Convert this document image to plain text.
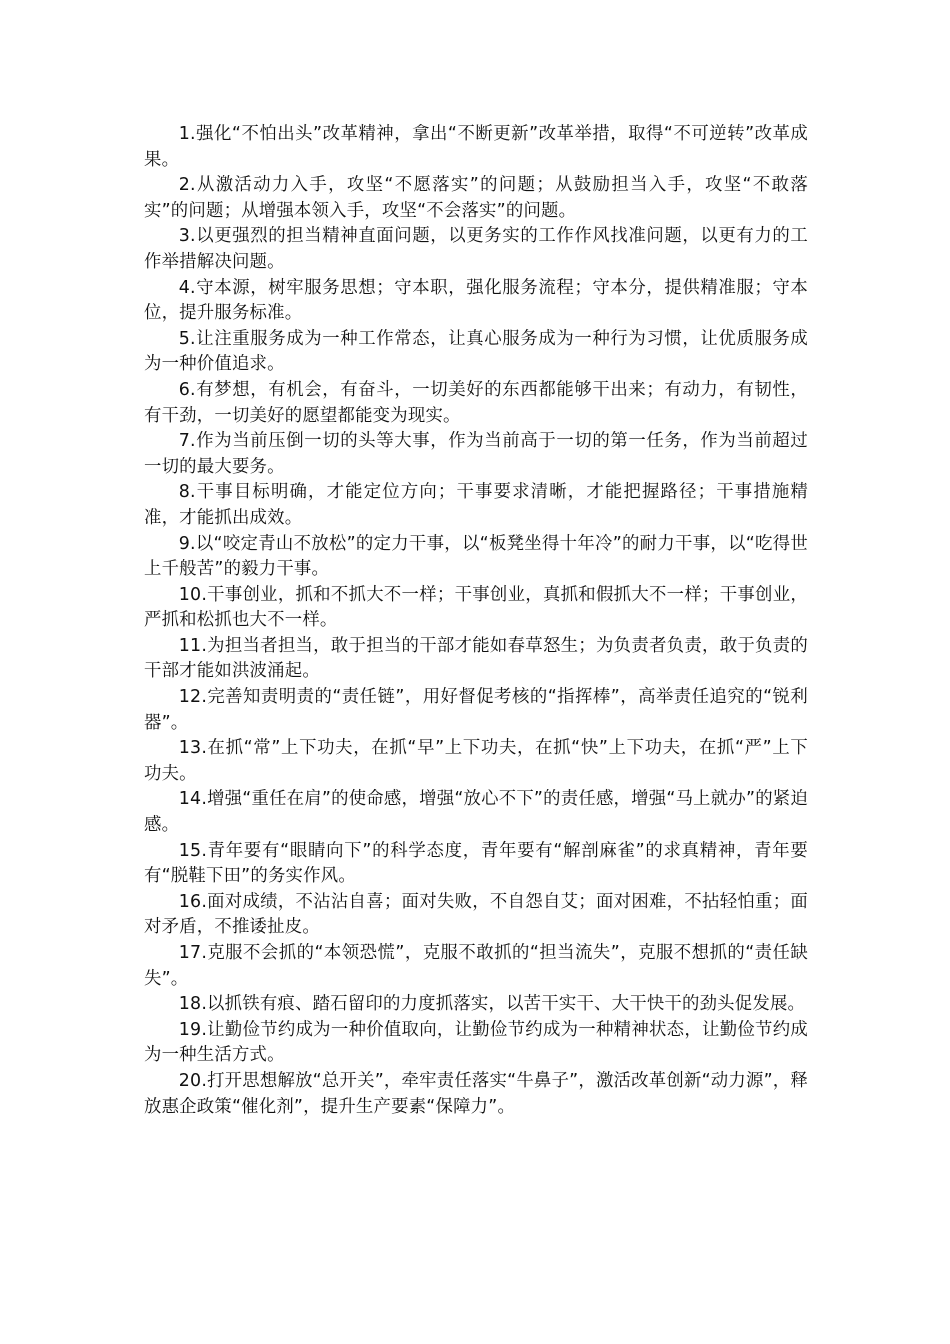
1.强化“不怕出头”改革精神，拿出“不断更新”改革举措，取得“不可逆转”改革成果。

2.从激活动力入手，攻坚“不愿落实”的问题；从鼓励担当入手，攻坚“不敢落实”的问题；从增强本领入手，攻坚“不会落实”的问题。

3.以更强烈的担当精神直面问题，以更务实的工作作风找准问题，以更有力的工作举措解决问题。

4.守本源，树牢服务思想；守本职，强化服务流程；守本分，提供精准服；守本位，提升服务标准。

5.让注重服务成为一种工作常态，让真心服务成为一种行为习惯，让优质服务成为一种价值追求。

6.有梦想，有机会，有奋斗，一切美好的东西都能够干出来；有动力，有韧性，有干劲，一切美好的愿望都能变为现实。

7.作为当前压倒一切的头等大事，作为当前高于一切的第一任务，作为当前超过一切的最大要务。

8.干事目标明确，才能定位方向；干事要求清晰，才能把握路径；干事措施精准，才能抓出成效。

9.以“咬定青山不放松”的定力干事，以“板凳坐得十年冷”的耐力干事，以“吃得世上千般苦”的毅力干事。

10.干事创业，抓和不抓大不一样；干事创业，真抓和假抓大不一样；干事创业，严抓和松抓也大不一样。

11.为担当者担当，敢于担当的干部才能如春草怒生；为负责者负责，敢于负责的干部才能如洪波涌起。

12.完善知责明责的“责任链”，用好督促考核的“指挥棒”，高举责任追究的“锐利器”。

13.在抓“常”上下功夫，在抓“早”上下功夫，在抓“快”上下功夫，在抓“严”上下功夫。

14.增强“重任在肩”的使命感，增强“放心不下”的责任感，增强“马上就办”的紧迫感。

15.青年要有“眼睛向下”的科学态度，青年要有“解剖麻雀”的求真精神，青年要有“脱鞋下田”的务实作风。

16.面对成绩，不沾沾自喜；面对失败，不自怨自艾；面对困难，不拈轻怕重；面对矛盾，不推诿扯皮。

17.克服不会抓的“本领恐慌”，克服不敢抓的“担当流失”，克服不想抓的“责任缺失”。

18.以抓铁有痕、踏石留印的力度抓落实，以苦干实干、大干快干的劲头促发展。

19.让勤俭节约成为一种价值取向，让勤俭节约成为一种精神状态，让勤俭节约成为一种生活方式。

20.打开思想解放“总开关”，牵牢责任落实“牛鼻子”，激活改革创新“动力源”，释放惠企政策“催化剂”，提升生产要素“保障力”。
